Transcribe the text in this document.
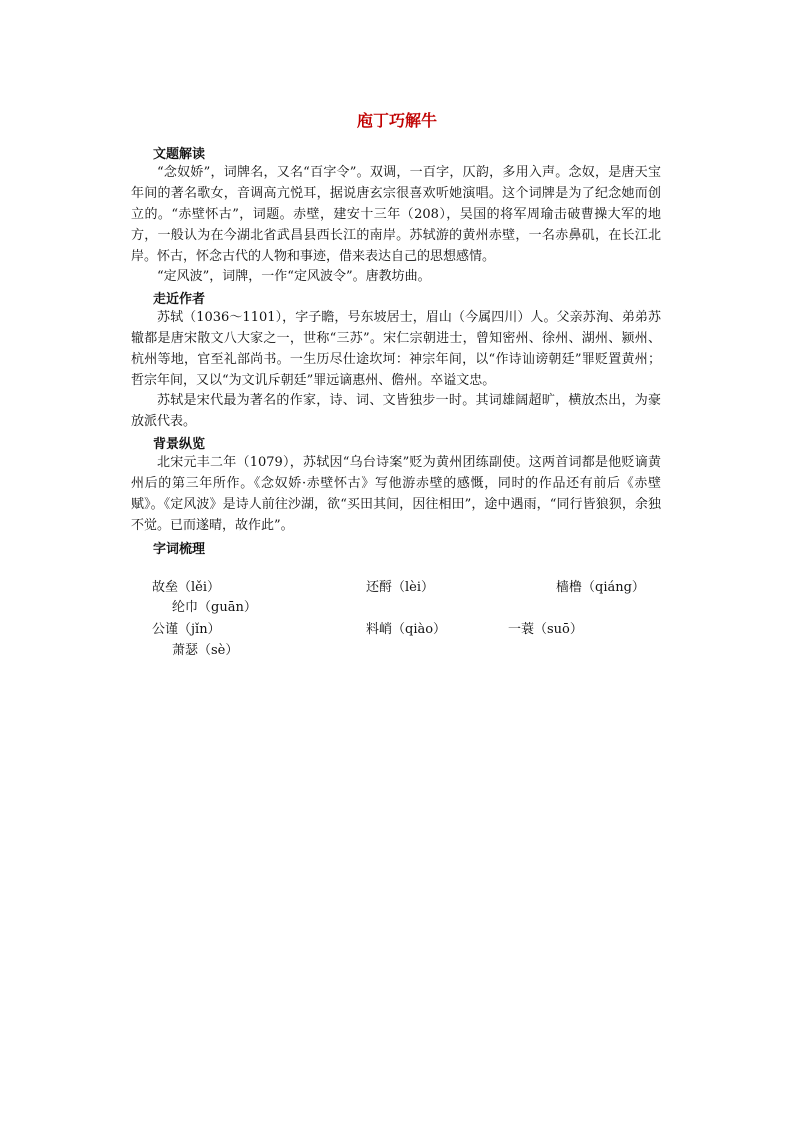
庖丁巧解牛
文题解读

“念奴娇”，词牌名，又名“百字令”。双调，一百字，仄韵，多用入声。念奴，是唐天宝年间的著名歌女，音调高亢悦耳，据说唐玄宗很喜欢听她演唱。这个词牌是为了纪念她而创立的。“赤壁怀古”，词题。赤壁，建安十三年（208），吴国的将军周瑜击破曹操大军的地方，一般认为在今湖北省武昌县西长江的南岸。苏轼游的黄州赤壁，一名赤鼻矶，在长江北岸。怀古，怀念古代的人物和事迹，借来表达自己的思想感情。

“定风波”，词牌，一作“定风波令”。唐教坊曲。

走近作者

苏轼（1036～1101），字子瞻，号东坡居士，眉山（今属四川）人。父亲苏洵、弟弟苏辙都是唐宋散文八大家之一，世称“三苏”。宋仁宗朝进士，曾知密州、徐州、湖州、颍州、杭州等地，官至礼部尚书。一生历尽仕途坎坷：神宗年间，以“作诗讪谤朝廷”罪贬置黄州；哲宗年间，又以“为文讥斥朝廷”罪远谪惠州、儋州。卒谥文忠。

苏轼是宋代最为著名的作家，诗、词、文皆独步一时。其词雄阔超旷，横放杰出，为豪放派代表。

背景纵览

北宋元丰二年（1079），苏轼因“乌台诗案”贬为黄州团练副使。这两首词都是他贬谪黄州后的第三年所作。《念奴娇·赤壁怀古》写他游赤壁的感慨，同时的作品还有前后《赤壁赋》。《定风波》是诗人前往沙湖，欲“买田其间，因往相田”，途中遇雨，“同行皆狼狈，余独不觉。已而遂晴，故作此”。

字词梳理
故垒（lěi）	还酹（lèi）	樯橹（qiáng）
纶巾（guān）
公谨（jǐn）	料峭（qiào）	一蓑（suō）
萧瑟（sè）
